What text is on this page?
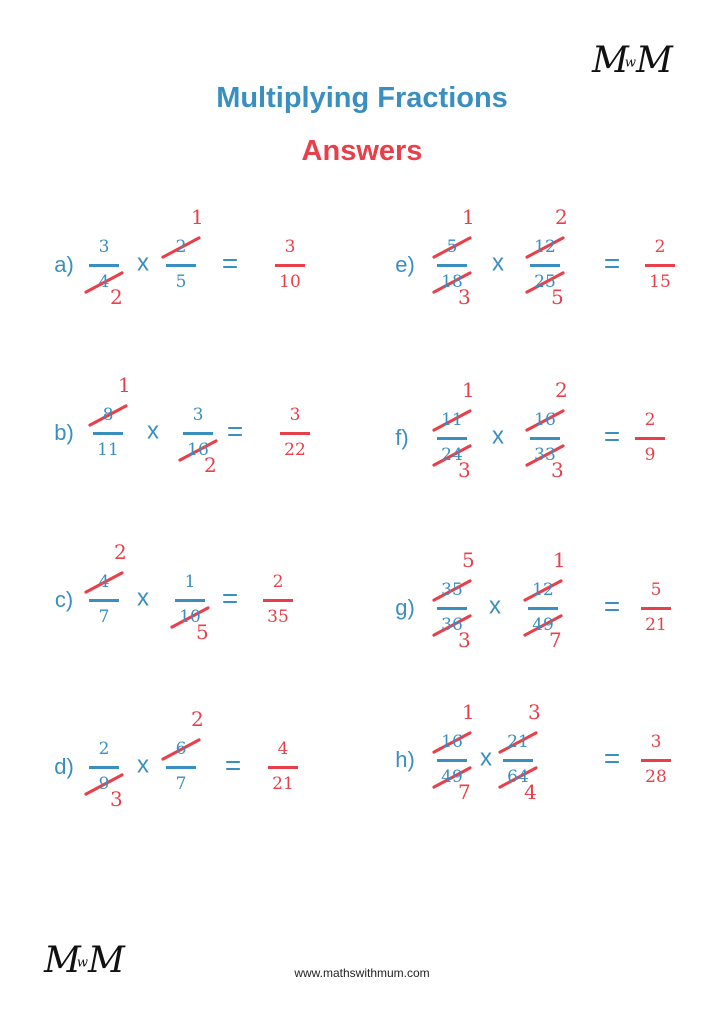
MwM
Multiplying Fractions
Answers
a)
3
4
2
x
2
5
1
=
3
10
b)
8
11
1
x
3
16
2
=
3
22
c)
4
7
2
x
1
10
5
=
2
35
d)
2
9
3
x
6
7
2
=
4
21
e)
5
18
1
3
x
12
25
2
5
=
2
15
f)
11
24
1
3
x
16
33
2
3
=
2
9
g)
35
36
5
3
x
12
49
1
7
=
5
21
h)
16
49
1
7
x
21
64
3
4
=
3
28
MwM	www.mathswithmum.com
